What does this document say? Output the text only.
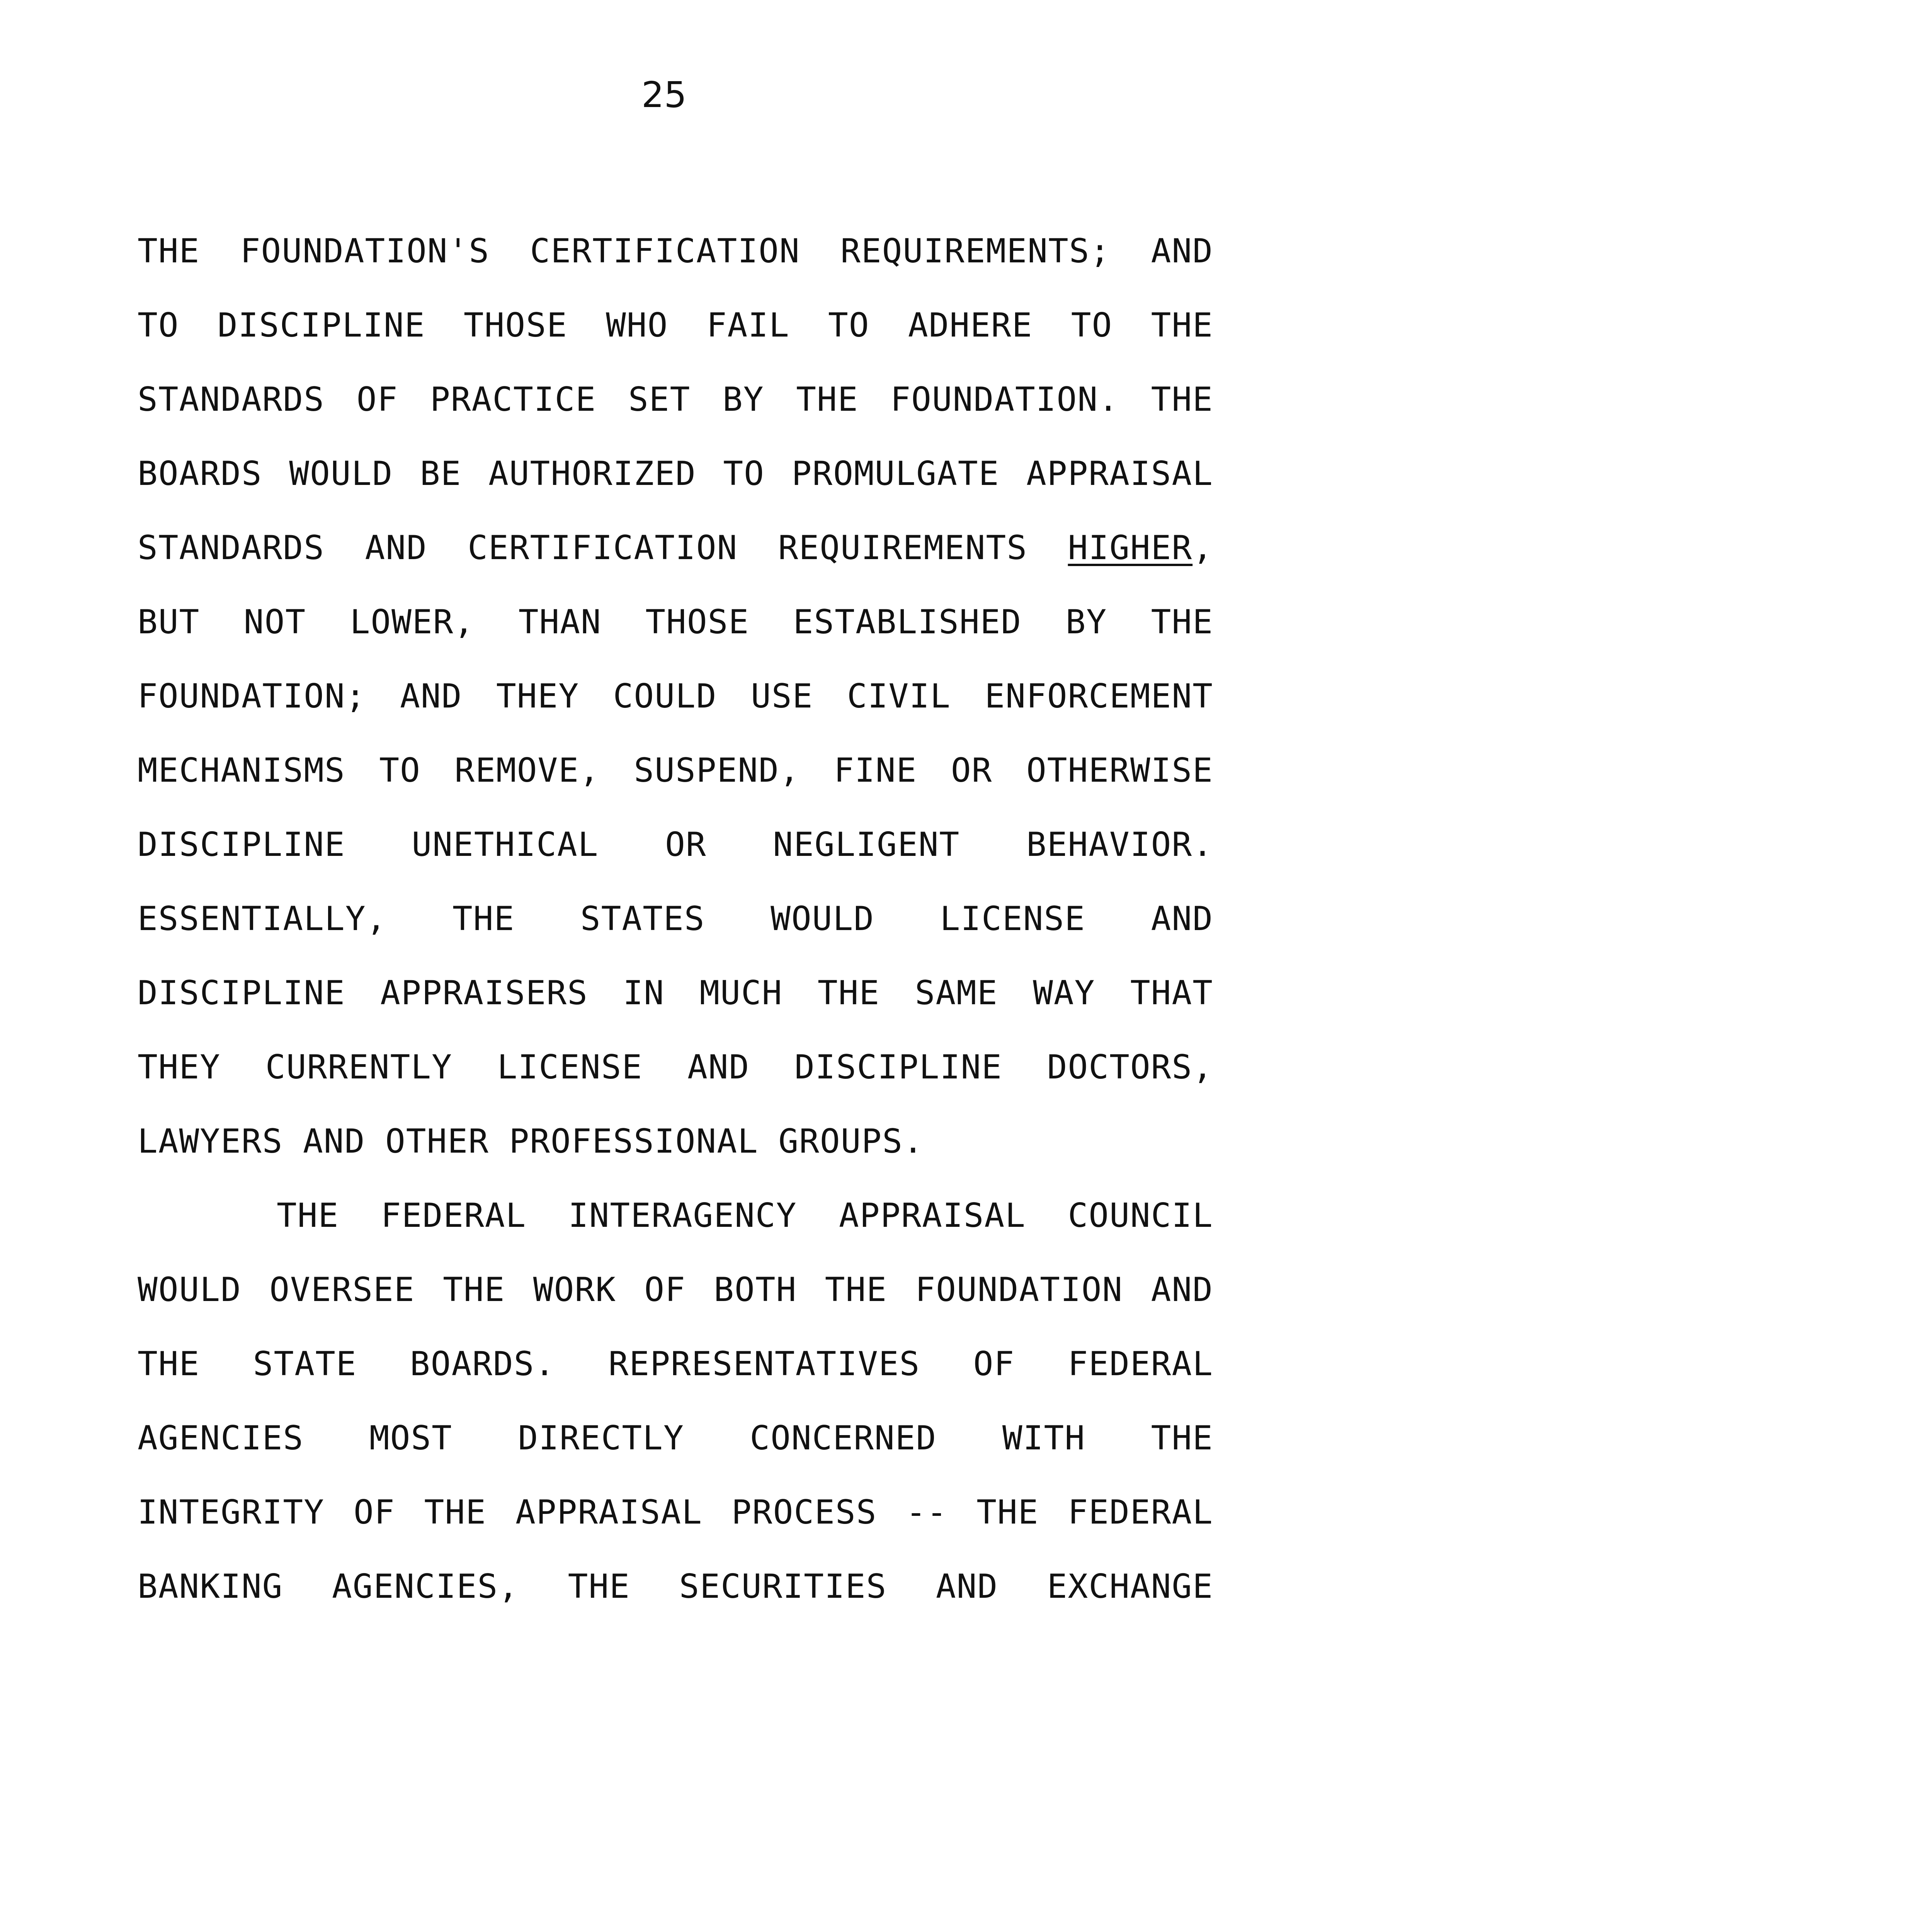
25
THE FOUNDATION'S CERTIFICATION REQUIREMENTS; AND
TO DISCIPLINE THOSE WHO FAIL TO ADHERE TO THE
STANDARDS OF PRACTICE SET BY THE FOUNDATION. THE
BOARDS WOULD BE AUTHORIZED TO PROMULGATE APPRAISAL
STANDARDS AND CERTIFICATION REQUIREMENTS HIGHER,
BUT NOT LOWER, THAN THOSE ESTABLISHED BY THE
FOUNDATION; AND THEY COULD USE CIVIL ENFORCEMENT
MECHANISMS TO REMOVE, SUSPEND, FINE OR OTHERWISE
DISCIPLINE UNETHICAL OR NEGLIGENT BEHAVIOR.
ESSENTIALLY, THE STATES WOULD LICENSE AND
DISCIPLINE APPRAISERS IN MUCH THE SAME WAY THAT
THEY CURRENTLY LICENSE AND DISCIPLINE DOCTORS,
LAWYERS AND OTHER PROFESSIONAL GROUPS.
THE FEDERAL INTERAGENCY APPRAISAL COUNCIL
WOULD OVERSEE THE WORK OF BOTH THE FOUNDATION AND
THE STATE BOARDS. REPRESENTATIVES OF FEDERAL
AGENCIES MOST DIRECTLY CONCERNED WITH THE
INTEGRITY OF THE APPRAISAL PROCESS -- THE FEDERAL
BANKING AGENCIES, THE SECURITIES AND EXCHANGE
